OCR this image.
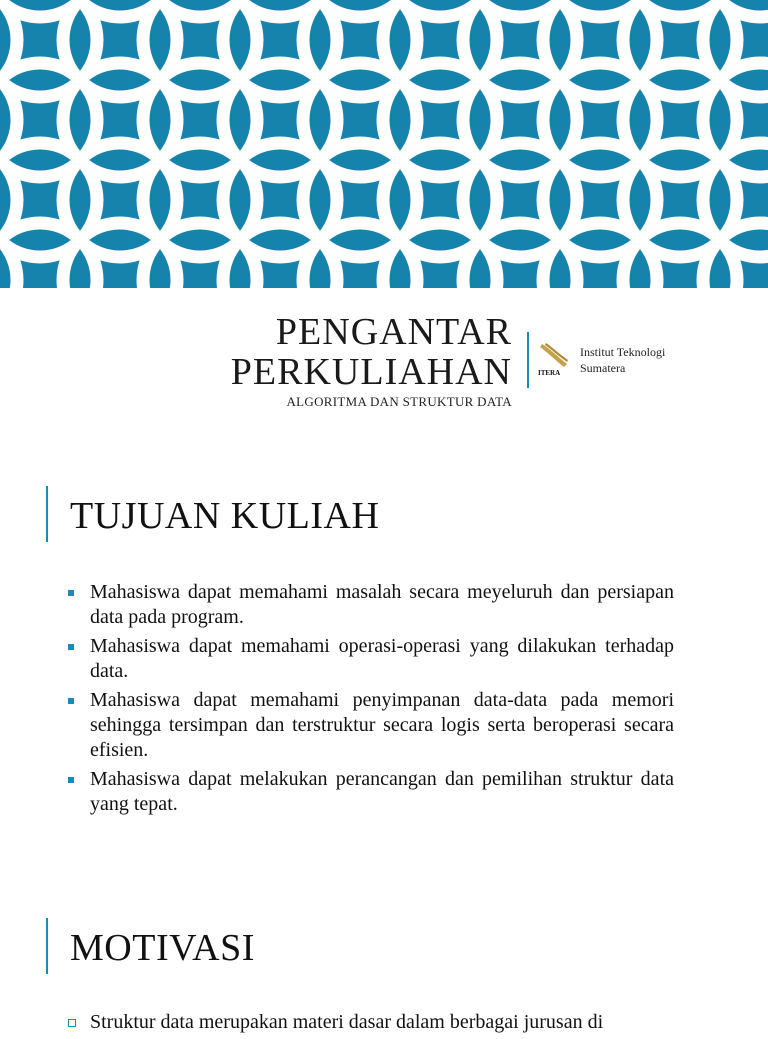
PENGANTAR
PERKULIAHAN
ALGORITMA DAN STRUKTUR DATA
ITERA
Institut Teknologi
Sumatera
TUJUAN KULIAH
Mahasiswa dapat memahami masalah secara meyeluruh dan persiapan data pada program.
Mahasiswa dapat memahami operasi-operasi yang dilakukan terhadap data.
Mahasiswa dapat memahami penyimpanan data-data pada memori sehingga tersimpan dan terstruktur secara logis serta beroperasi secara efisien.
Mahasiswa dapat melakukan perancangan dan pemilihan struktur data yang tepat.
MOTIVASI
Struktur data merupakan materi dasar dalam berbagai jurusan di
